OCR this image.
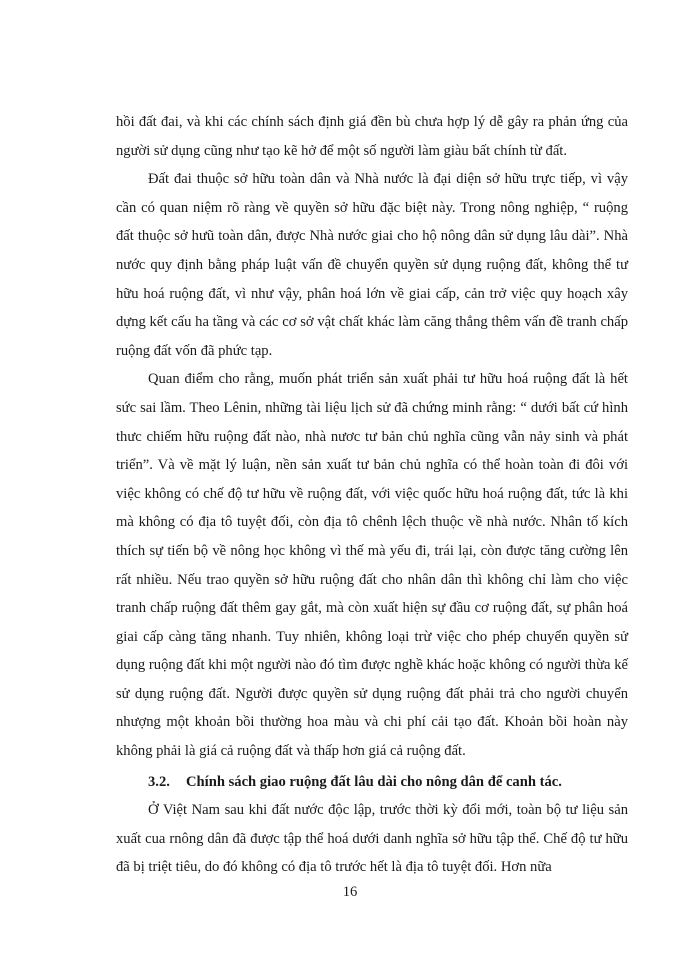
hồi đất đai, và khi các chính sách định giá đền bù chưa hợp lý dễ gây ra phản ứng của người sử dụng cũng như tạo kẽ hở để một số người làm giàu bất chính từ đất.

Đất đai thuộc sở hữu toàn dân và Nhà nước là đại diện sở hữu trực tiếp, vì vậy cần có quan niệm rõ ràng về quyền sở hữu đặc biệt này. Trong nông nghiệp, “ ruộng đất thuộc sở hưũ toàn dân, được Nhà nước giai cho hộ nông dân sử dụng lâu dài”. Nhà nước quy định bằng pháp luật vấn đề chuyển quyền sử dụng ruộng đất, không thể tư hữu hoá ruộng đất, vì như vậy, phân hoá lớn về giai cấp, cản trở việc quy hoạch xây dựng kết cấu ha tầng và các cơ sở vật chất khác làm căng thẳng thêm vấn đề tranh chấp ruộng đất vốn đã phức tạp.

Quan điểm cho rằng, muốn phát triển sản xuất phải tư hữu hoá ruộng đất là hết sức sai lầm. Theo Lênin, những tài liệu lịch sử đã chứng minh rằng: “ dưới bất cứ hình thưc chiếm hữu ruộng đất nào, nhà nươc tư bản chủ nghĩa cũng vẫn nảy sinh và phát triển”. Và về mặt lý luận, nền sản xuất tư bản chủ nghĩa có thể hoàn toàn đi đôi với việc không có chế độ tư hữu về ruộng đất, với việc quốc hữu hoá ruộng đất, tức là khi mà không có địa tô tuyệt đối, còn địa tô chênh lệch thuộc về nhà nước. Nhân tố kích thích sự tiến bộ về nông học không vì thế mà yếu đi, trái lại, còn được tăng cường lên rất nhiều. Nếu trao quyền sở hữu ruộng đất cho nhân dân thì không chỉ làm cho việc tranh chấp ruộng đất thêm gay gắt, mà còn xuất hiện sự đầu cơ ruộng đất, sự phân hoá giai cấp càng tăng nhanh. Tuy nhiên, không loại trừ việc cho phép chuyển quyền sử dụng ruộng đất khi một người nào đó tìm được nghề khác hoặc không có người thừa kế sử dụng ruộng đất. Người được quyền sử dụng ruộng đất phải trả cho người chuyển nhượng một khoản bồi thường hoa màu và chi phí cải tạo đất. Khoản bồi hoàn này không phải là giá cả ruộng đất và thấp hơn giá cả ruộng đất.

3.2. Chính sách giao ruộng đất lâu dài cho nông dân để canh tác.

Ở Việt Nam sau khi đất nước độc lập, trước thời kỳ đổi mới, toàn bộ tư liệu sản xuất cua rnông dân đã được tập thể hoá dưới danh nghĩa sở hữu tập thể. Chế độ tư hữu đã bị triệt tiêu, do đó không có địa tô trước hết là địa tô tuyệt đối. Hơn nữa

16
